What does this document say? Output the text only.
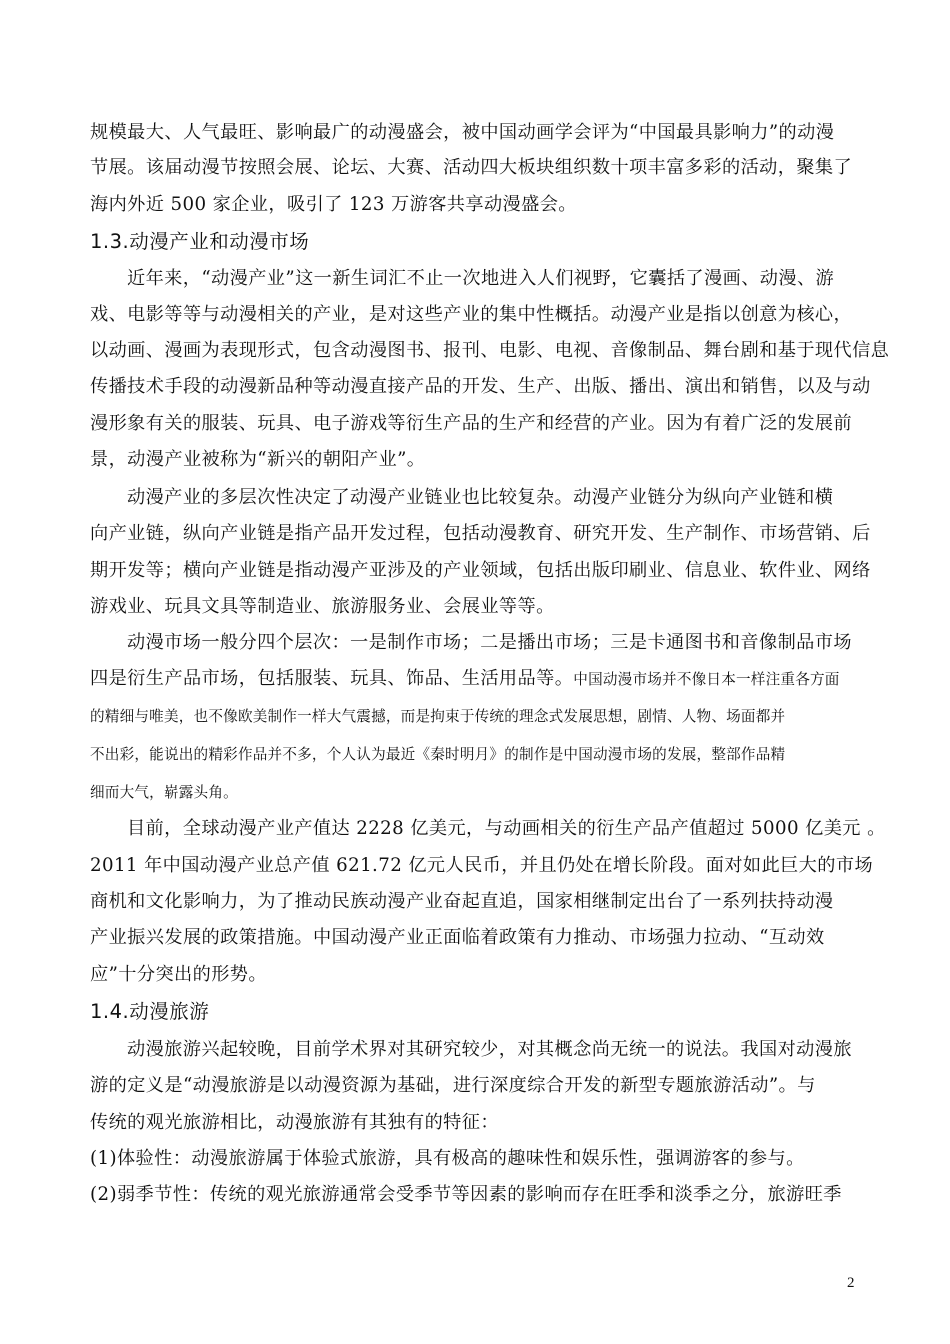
规模最大、人气最旺、影响最广的动漫盛会，被中国动画学会评为“中国最具影响力”的动漫
节展。该届动漫节按照会展、论坛、大赛、活动四大板块组织数十项丰富多彩的活动，聚集了
海内外近 500 家企业，吸引了 123 万游客共享动漫盛会。
1.3.动漫产业和动漫市场
近年来，“动漫产业”这一新生词汇不止一次地进入人们视野，它囊括了漫画、动漫、游
戏、电影等等与动漫相关的产业，是对这些产业的集中性概括。动漫产业是指以创意为核心，
以动画、漫画为表现形式，包含动漫图书、报刊、电影、电视、音像制品、舞台剧和基于现代信息
传播技术手段的动漫新品种等动漫直接产品的开发、生产、出版、播出、演出和销售，以及与动
漫形象有关的服装、玩具、电子游戏等衍生产品的生产和经营的产业。因为有着广泛的发展前
景，动漫产业被称为“新兴的朝阳产业”。
动漫产业的多层次性决定了动漫产业链业也比较复杂。动漫产业链分为纵向产业链和横
向产业链，纵向产业链是指产品开发过程，包括动漫教育、研究开发、生产制作、市场营销、后
期开发等；横向产业链是指动漫产亚涉及的产业领域，包括出版印刷业、信息业、软件业、网络
游戏业、玩具文具等制造业、旅游服务业、会展业等等。
动漫市场一般分四个层次：一是制作市场；二是播出市场；三是卡通图书和音像制品市场
四是衍生产品市场，包括服装、玩具、饰品、生活用品等。中国动漫市场并不像日本一样注重各方面
的精细与唯美，也不像欧美制作一样大气震撼，而是拘束于传统的理念式发展思想，剧情、人物、场面都并
不出彩，能说出的精彩作品并不多，个人认为最近《秦时明月》的制作是中国动漫市场的发展，整部作品精
细而大气，崭露头角。
目前，全球动漫产业产值达 2228 亿美元，与动画相关的衍生产品产值超过 5000 亿美元 。
2011 年中国动漫产业总产值 621.72 亿元人民币，并且仍处在增长阶段。面对如此巨大的市场
商机和文化影响力，为了推动民族动漫产业奋起直追，国家相继制定出台了一系列扶持动漫
产业振兴发展的政策措施。中国动漫产业正面临着政策有力推动、市场强力拉动、“互动效
应”十分突出的形势。
1.4.动漫旅游
动漫旅游兴起较晚，目前学术界对其研究较少，对其概念尚无统一的说法。我国对动漫旅
游的定义是“动漫旅游是以动漫资源为基础，进行深度综合开发的新型专题旅游活动”。与
传统的观光旅游相比，动漫旅游有其独有的特征：
(1)体验性：动漫旅游属于体验式旅游，具有极高的趣味性和娱乐性，强调游客的参与。
(2)弱季节性：传统的观光旅游通常会受季节等因素的影响而存在旺季和淡季之分，旅游旺季
2
